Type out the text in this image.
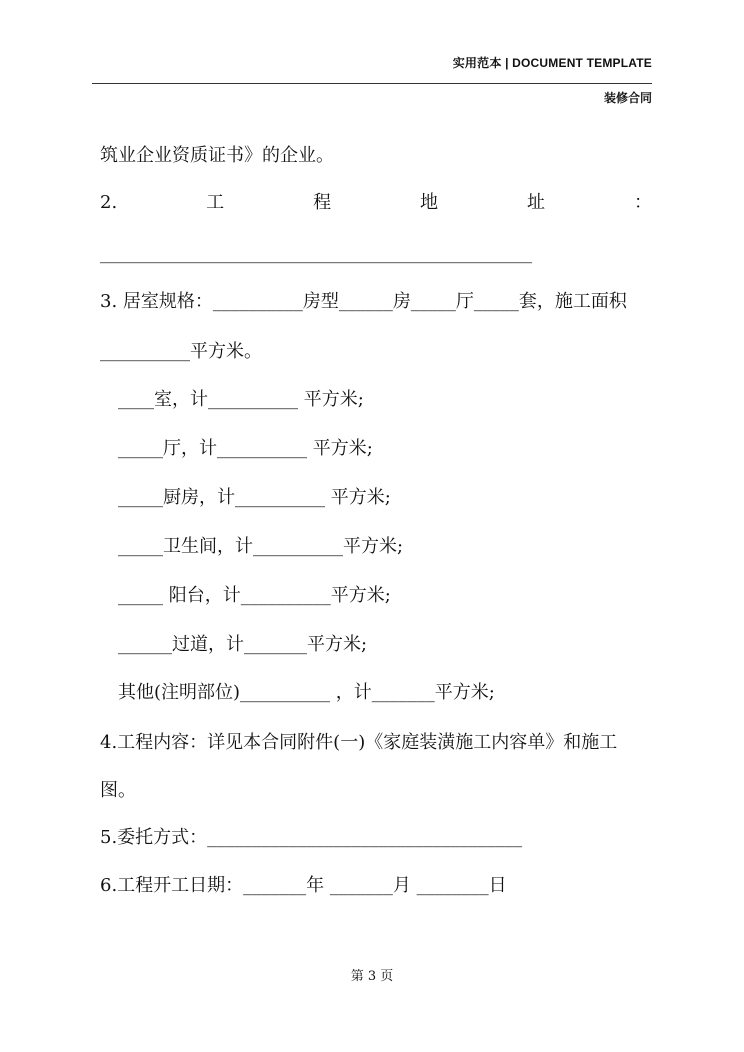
实用范本 | DOCUMENT TEMPLATE
装修合同
筑业企业资质证书》的企业。
2.	工	程	地	址	：
________________________________________________
3. 居室规格：__________房型______房_____厅_____套，施工面积
__________平方米。
____室，计__________ 平方米;
_____厅，计__________ 平方米;
_____厨房，计__________ 平方米;
_____卫生间，计__________平方米;
_____ 阳台，计__________平方米;
______过道，计_______平方米;
其他(注明部位)__________ ，计_______平方米;
4.工程内容：详见本合同附件(一)《家庭装潢施工内容单》和施工
图。
5.委托方式：___________________________________
6.工程开工日期：_______年 _______月 ________日
第 3 页
